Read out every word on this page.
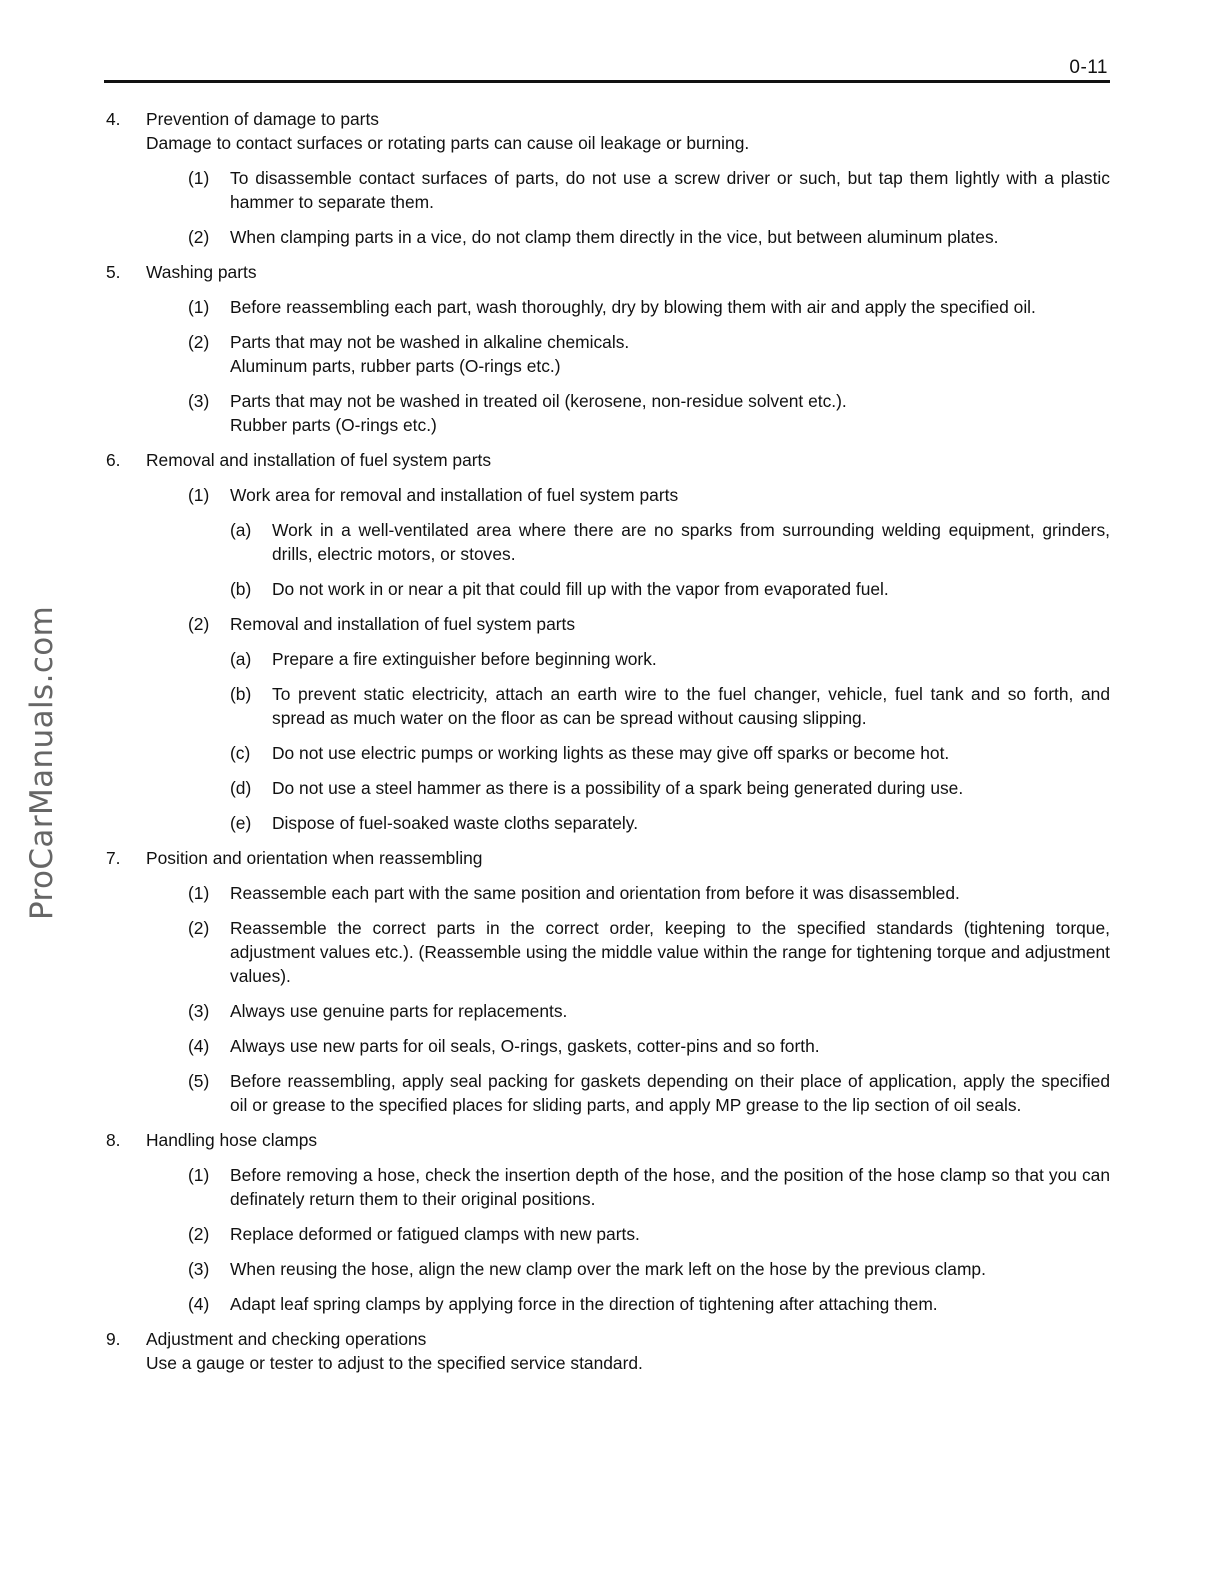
0-11
ProCarManuals.com
4. Prevention of damage to parts
Damage to contact surfaces or rotating parts can cause oil leakage or burning.
(1) To disassemble contact surfaces of parts, do not use a screw driver or such, but tap them lightly with a plastic hammer to separate them.
(2) When clamping parts in a vice, do not clamp them directly in the vice, but between aluminum plates.
5. Washing parts
(1) Before reassembling each part, wash thoroughly, dry by blowing them with air and apply the specified oil.
(2) Parts that may not be washed in alkaline chemicals.
Aluminum parts, rubber parts (O-rings etc.)
(3) Parts that may not be washed in treated oil (kerosene, non-residue solvent etc.).
Rubber parts (O-rings etc.)
6. Removal and installation of fuel system parts
(1) Work area for removal and installation of fuel system parts
(a) Work in a well-ventilated area where there are no sparks from surrounding welding equipment, grinders, drills, electric motors, or stoves.
(b) Do not work in or near a pit that could fill up with the vapor from evaporated fuel.
(2) Removal and installation of fuel system parts
(a) Prepare a fire extinguisher before beginning work.
(b) To prevent static electricity, attach an earth wire to the fuel changer, vehicle, fuel tank and so forth, and spread as much water on the floor as can be spread without causing slipping.
(c) Do not use electric pumps or working lights as these may give off sparks or become hot.
(d) Do not use a steel hammer as there is a possibility of a spark being generated during use.
(e) Dispose of fuel-soaked waste cloths separately.
7. Position and orientation when reassembling
(1) Reassemble each part with the same position and orientation from before it was disassembled.
(2) Reassemble the correct parts in the correct order, keeping to the specified standards (tightening torque, adjustment values etc.). (Reassemble using the middle value within the range for tightening torque and adjustment values).
(3) Always use genuine parts for replacements.
(4) Always use new parts for oil seals, O-rings, gaskets, cotter-pins and so forth.
(5) Before reassembling, apply seal packing for gaskets depending on their place of application, apply the specified oil or grease to the specified places for sliding parts, and apply MP grease to the lip section of oil seals.
8. Handling hose clamps
(1) Before removing a hose, check the insertion depth of the hose, and the position of the hose clamp so that you can definately return them to their original positions.
(2) Replace deformed or fatigued clamps with new parts.
(3) When reusing the hose, align the new clamp over the mark left on the hose by the previous clamp.
(4) Adapt leaf spring clamps by applying force in the direction of tightening after attaching them.
9. Adjustment and checking operations
Use a gauge or tester to adjust to the specified service standard.
